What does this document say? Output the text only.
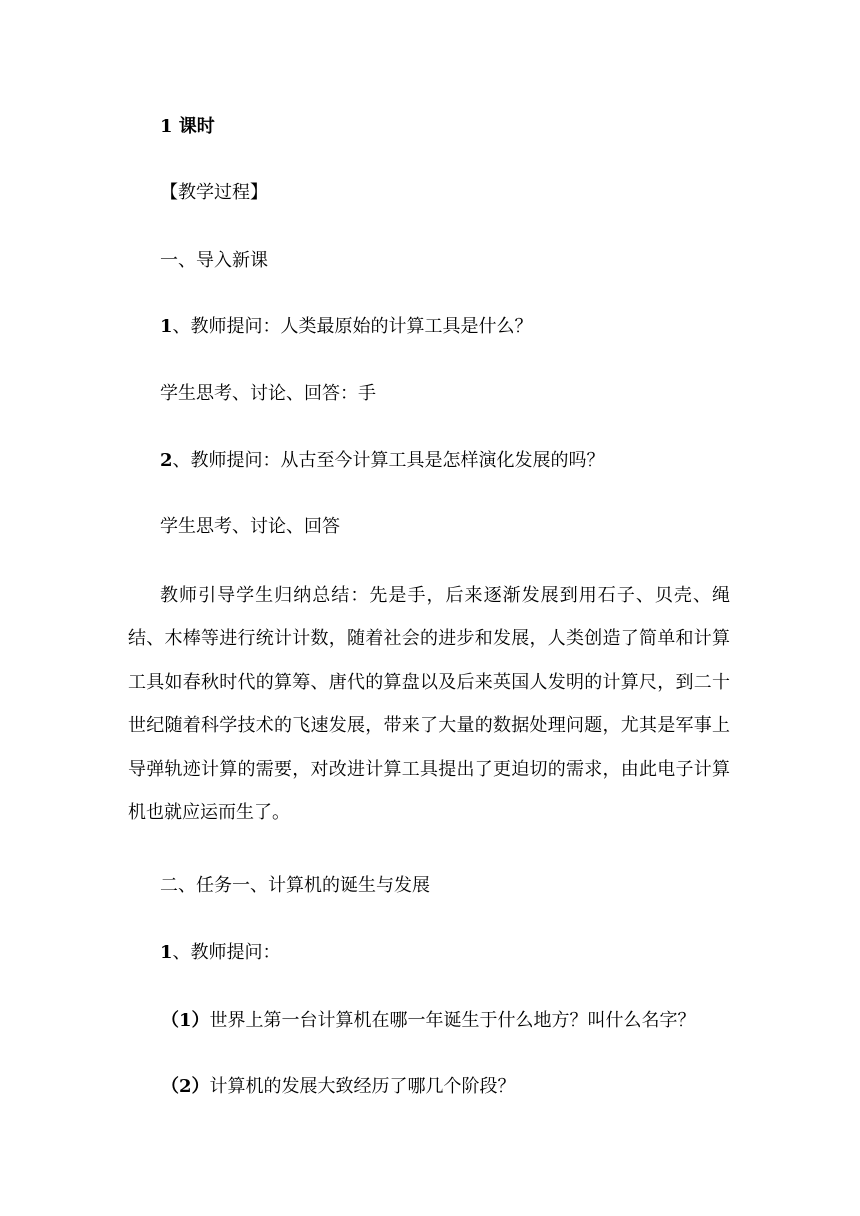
1 课时
【教学过程】
一、导入新课
1、教师提问：人类最原始的计算工具是什么？
学生思考、讨论、回答：手
2、教师提问：从古至今计算工具是怎样演化发展的吗？
学生思考、讨论、回答
教师引导学生归纳总结：先是手，后来逐渐发展到用石子、贝壳、绳结、木棒等进行统计计数，随着社会的进步和发展，人类创造了简单和计算工具如春秋时代的算筹、唐代的算盘以及后来英国人发明的计算尺，到二十世纪随着科学技术的飞速发展，带来了大量的数据处理问题，尤其是军事上导弹轨迹计算的需要，对改进计算工具提出了更迫切的需求，由此电子计算机也就应运而生了。
二、任务一、计算机的诞生与发展
1、教师提问：
（1）世界上第一台计算机在哪一年诞生于什么地方？叫什么名字？
（2）计算机的发展大致经历了哪几个阶段？
